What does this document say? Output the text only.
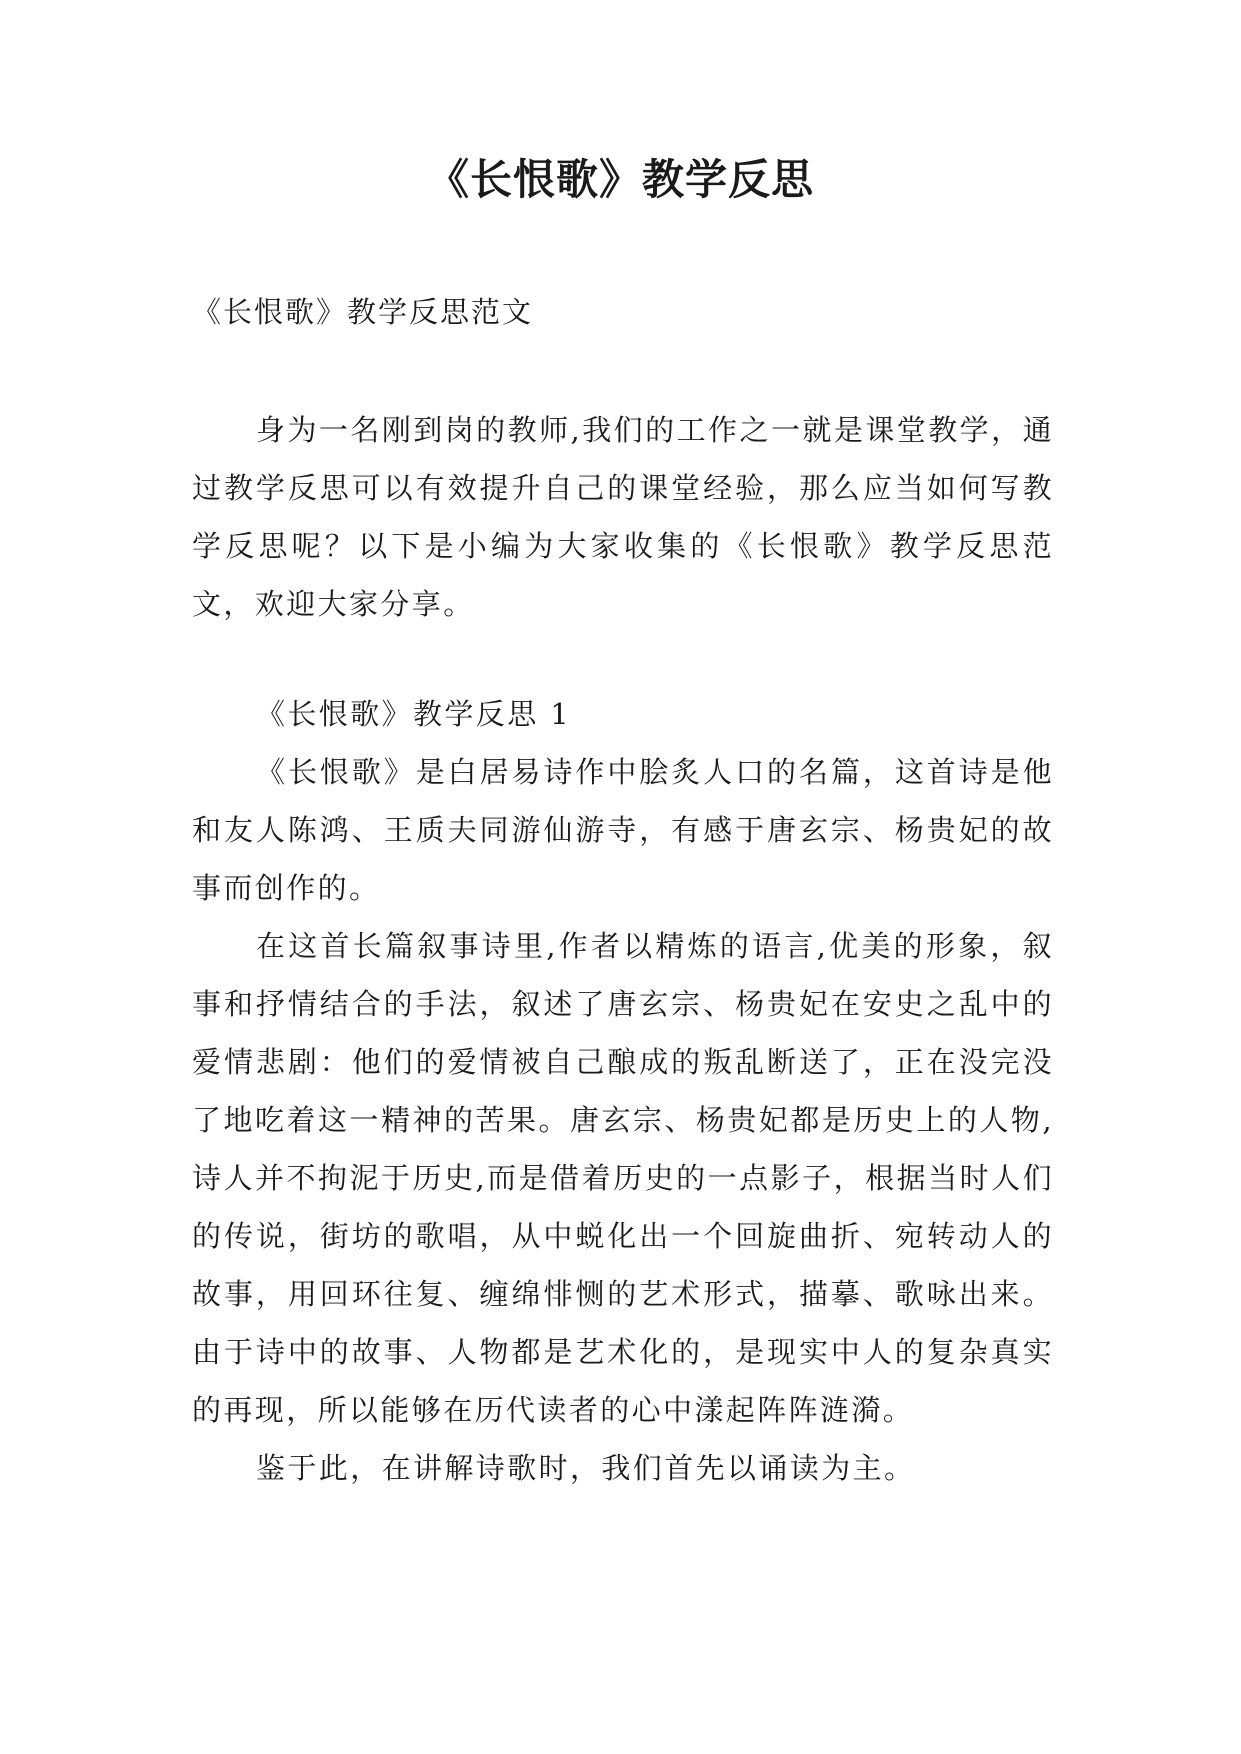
《长恨歌》教学反思

《长恨歌》教学反思范文

身为一名刚到岗的教师,我们的工作之一就是课堂教学，通过教学反思可以有效提升自己的课堂经验，那么应当如何写教学反思呢？以下是小编为大家收集的《长恨歌》教学反思范文，欢迎大家分享。

《长恨歌》教学反思 1

《长恨歌》是白居易诗作中脍炙人口的名篇，这首诗是他和友人陈鸿、王质夫同游仙游寺，有感于唐玄宗、杨贵妃的故事而创作的。

在这首长篇叙事诗里,作者以精炼的语言,优美的形象，叙事和抒情结合的手法，叙述了唐玄宗、杨贵妃在安史之乱中的爱情悲剧：他们的爱情被自己酿成的叛乱断送了，正在没完没了地吃着这一精神的苦果。唐玄宗、杨贵妃都是历史上的人物,诗人并不拘泥于历史,而是借着历史的一点影子，根据当时人们的传说，街坊的歌唱，从中蜕化出一个回旋曲折、宛转动人的故事，用回环往复、缠绵悱恻的艺术形式，描摹、歌咏出来。由于诗中的故事、人物都是艺术化的，是现实中人的复杂真实的再现，所以能够在历代读者的心中漾起阵阵涟漪。

鉴于此，在讲解诗歌时，我们首先以诵读为主。
